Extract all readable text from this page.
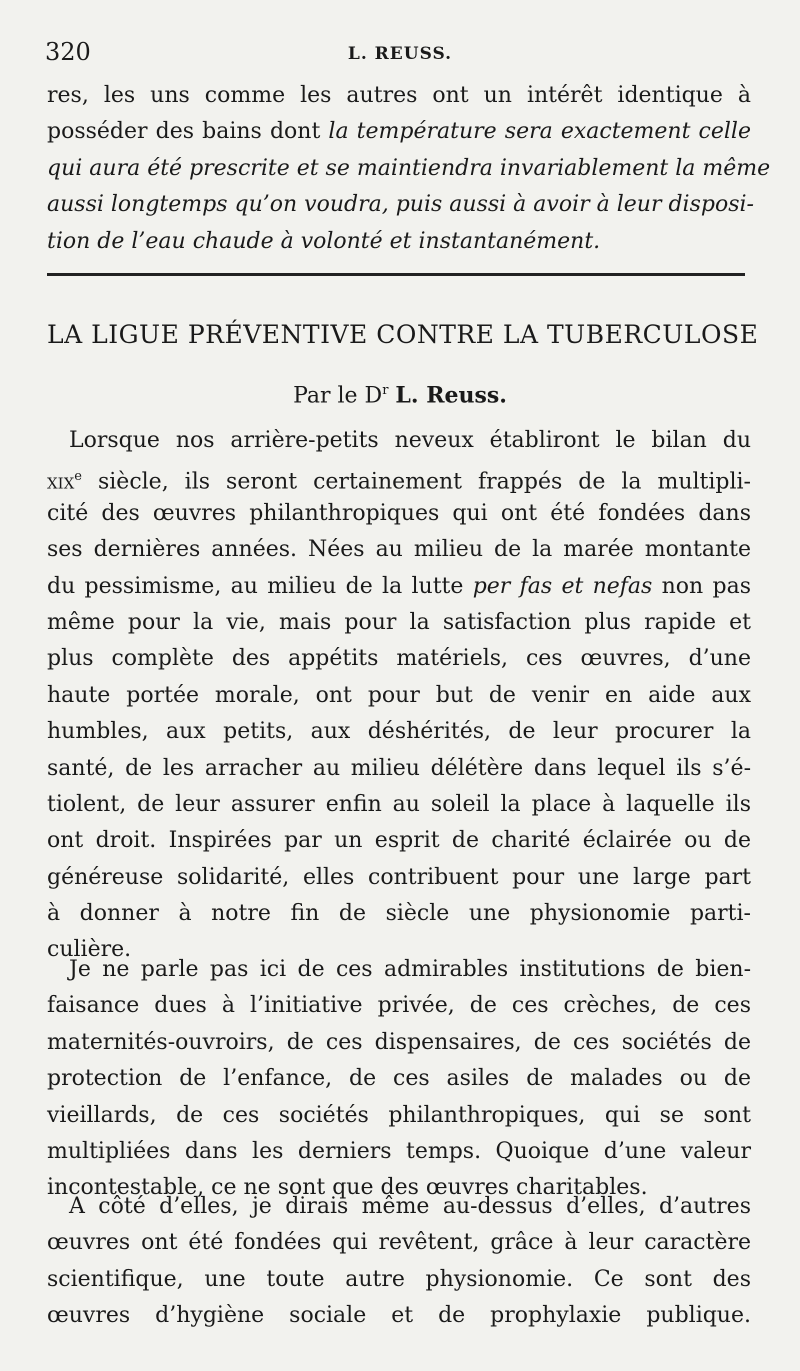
320	L. REUSS.
res, les uns comme les autres ont un intérêt identique à
posséder des bains dont la température sera exactement celle
qui aura été prescrite et se maintiendra invariablement la même
aussi longtemps qu’on voudra, puis aussi à avoir à leur disposi-
tion de l’eau chaude à volonté et instantanément.
LA LIGUE PRÉVENTIVE CONTRE LA TUBERCULOSE
Par le $D^r$ L. Reuss.
Lorsque nos arrière-petits neveux établiront le bilan du
xix$^e$ siècle, ils seront certainement frappés de la multipli-
cité des œuvres philanthropiques qui ont été fondées dans
ses dernières années. Nées au milieu de la marée montante
du pessimisme, au milieu de la lutte per fas et nefas non pas
même pour la vie, mais pour la satisfaction plus rapide et
plus complète des appétits matériels, ces œuvres, d’une
haute portée morale, ont pour but de venir en aide aux
humbles, aux petits, aux déshérités, de leur procurer la
santé, de les arracher au milieu délétère dans lequel ils s’é-
tiolent, de leur assurer enfin au soleil la place à laquelle ils
ont droit. Inspirées par un esprit de charité éclairée ou de
généreuse solidarité, elles contribuent pour une large part
à donner à notre fin de siècle une physionomie parti-
culière.
Je ne parle pas ici de ces admirables institutions de bien-
faisance dues à l’initiative privée, de ces crèches, de ces
maternités-ouvroirs, de ces dispensaires, de ces sociétés de
protection de l’enfance, de ces asiles de malades ou de
vieillards, de ces sociétés philanthropiques, qui se sont
multipliées dans les derniers temps. Quoique d’une valeur
incontestable, ce ne sont que des œuvres charitables.
A côté d’elles, je dirais même au-dessus d’elles, d’autres
œuvres ont été fondées qui revêtent, grâce à leur caractère
scientifique, une toute autre physionomie. Ce sont des
œuvres d’hygiène sociale et de prophylaxie publique.
